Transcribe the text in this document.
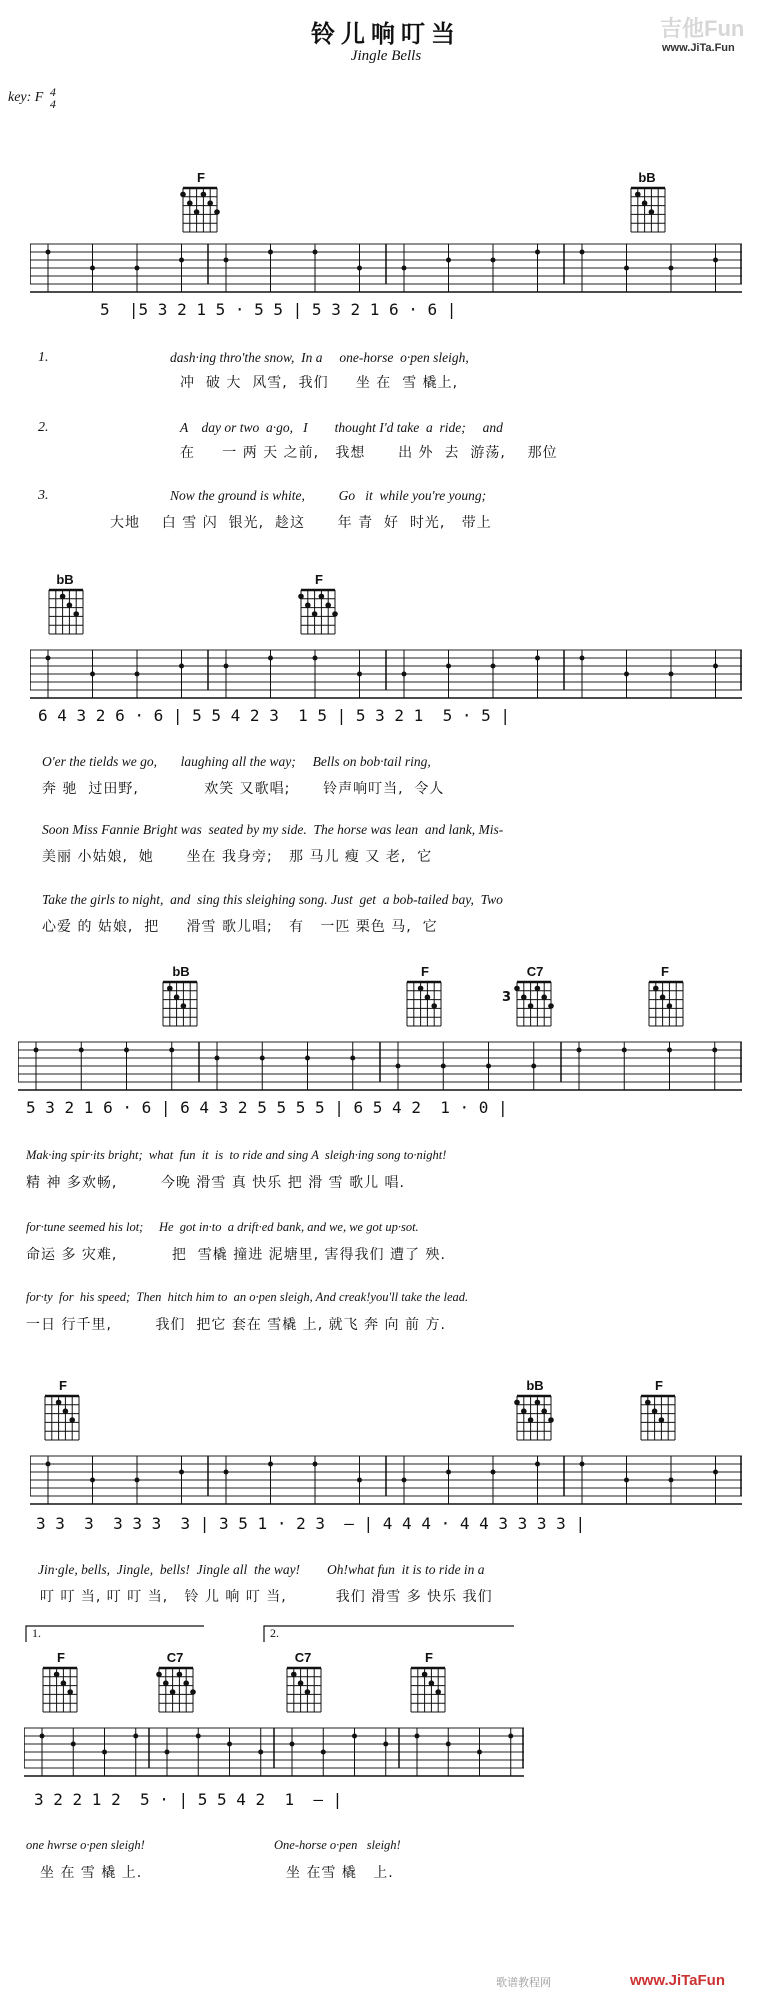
铃儿响叮当
Jingle Bells
吉他Fun
www.JiTa.Fun
key: F 4
4
F	bB
5  |5 3 2 1 5 · 5 5 | 5 3 2 1 6 · 6 |
1.	dash·ing thro'the snow,  In a     one-horse  o·pen sleigh,
冲  破 大  风雪,  我们     坐 在  雪 橇上,
2.	A    day or two  a·go,   I        thought I'd take  a  ride;     and
在     一 两 天 之前,   我想      出 外  去  游荡,    那位
3.	Now the ground is white,          Go   it  while you're young;
大地    白 雪 闪  银光,  趁这      年 青  好  时光,   带上
bB	F
6 4 3 2 6 · 6 | 5 5 4 2 3  1 5 | 5 3 2 1  5 · 5 |
O'er the tields we go,       laughing all the way;     Bells on bob·tail ring,
奔 驰  过田野,            欢笑 又歌唱;      铃声响叮当,  令人
Soon Miss Fannie Bright was  seated by my side.  The horse was lean  and lank, Mis-
美丽 小姑娘,  她      坐在 我身旁;   那 马儿 瘦 又 老,  它
Take the girls to night,  and  sing this sleighing song. Just  get  a bob-tailed bay,  Two
心爱 的 姑娘,  把     滑雪 歌儿唱;   有   一匹 栗色 马,  它
bB	F	C7
3
F
5 3 2 1 6 · 6 | 6 4 3 2 5 5 5 5 | 6 5 4 2  1 · 0 |
Mak·ing spir·its bright;  what  fun  it  is  to ride and sing A  sleigh·ing song to·night!
精 神 多欢畅,        今晚 滑雪 真 快乐 把 滑 雪 歌儿 唱.
for·tune seemed his lot;     He  got in·to  a drift·ed bank, and we, we got up·sot.
命运 多 灾难,          把  雪橇 撞进 泥塘里, 害得我们 遭了 殃.
for·ty  for  his speed;  Then  hitch him to  an o·pen sleigh, And creak!you'll take the lead.
一日 行千里,        我们  把它 套在 雪橇 上, 就飞 奔 向 前 方.
F	bB	F
3 3  3  3 3 3  3 | 3 5 1 · 2 3  — | 4 4 4 · 4 4 3 3 3 3 |
Jin·gle, bells,  Jingle,  bells!  Jingle all  the way!        Oh!what fun  it is to ride in a
叮 叮 当, 叮 叮 当,   铃 儿 响 叮 当,         我们 滑雪 多 快乐 我们
1.	2.
F	C7	C7	F
3 2 2 1 2  5 · | 5 5 4 2  1  — |
one hwrse o·pen sleigh!
坐 在 雪 橇 上.
One-horse o·pen   sleigh!
坐 在雪 橇   上.
歌谱教程网	www.JiTaFun
